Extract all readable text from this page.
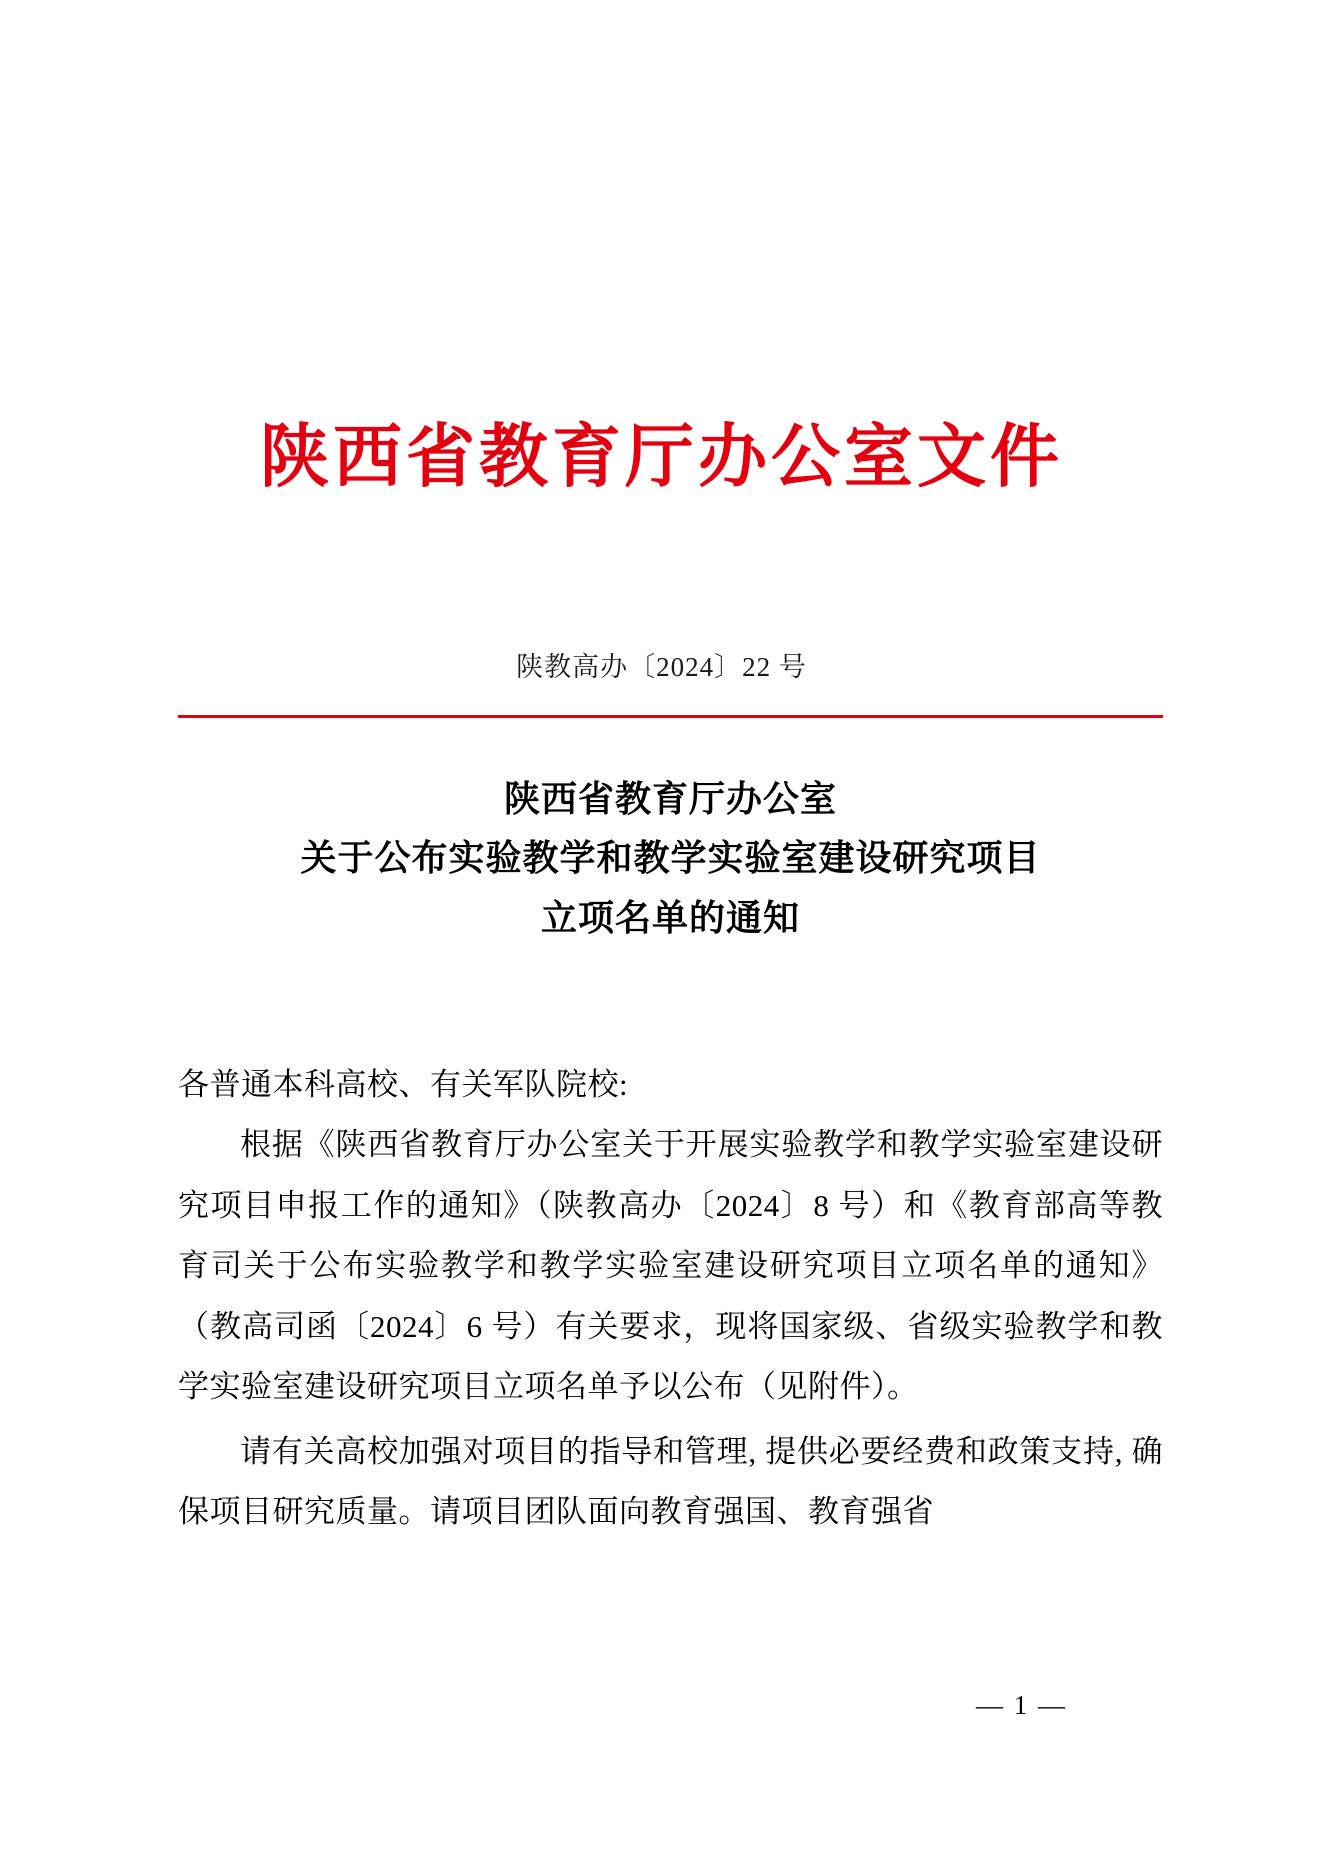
陕西省教育厅办公室文件
陕教高办〔2024〕22 号
陕西省教育厅办公室
关于公布实验教学和教学实验室建设研究项目
立项名单的通知
各普通本科高校、有关军队院校:

根据《陕西省教育厅办公室关于开展实验教学和教学实验室建设研究项目申报工作的通知》（陕教高办〔2024〕8 号）和《教育部高等教育司关于公布实验教学和教学实验室建设研究项目立项名单的通知》（教高司函〔2024〕6 号）有关要求，现将国家级、省级实验教学和教学实验室建设研究项目立项名单予以公布（见附件）。

请有关高校加强对项目的指导和管理, 提供必要经费和政策支持, 确保项目研究质量。请项目团队面向教育强国、教育强省

— 1 —
